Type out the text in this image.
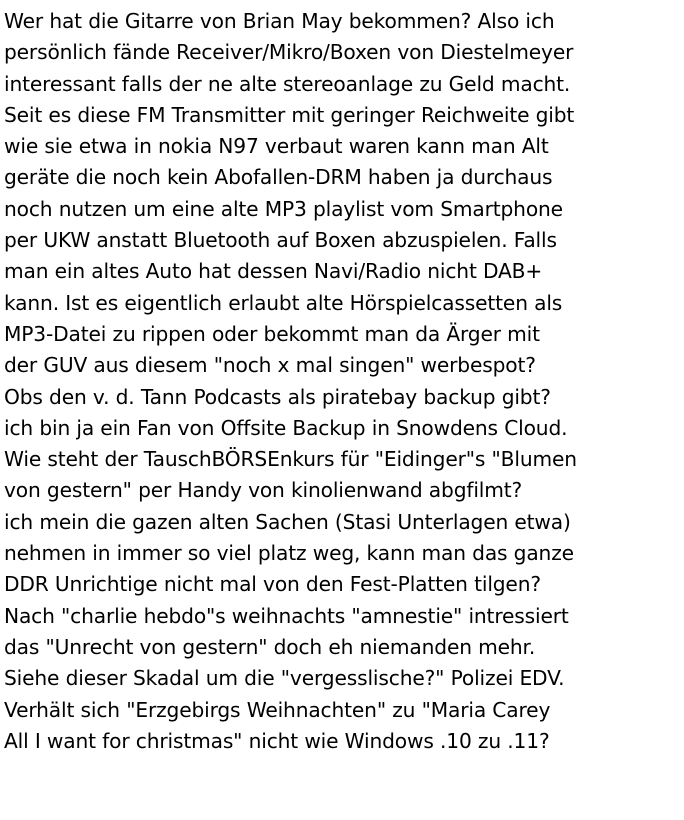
Wer hat die Gitarre von Brian May bekommen? Also ich
persönlich fände Receiver/Mikro/Boxen von Diestelmeyer
interessant falls der ne alte stereoanlage zu Geld macht.
Seit es diese FM Transmitter mit geringer Reichweite gibt
wie sie etwa in nokia N97 verbaut waren kann man Alt
geräte die noch kein Abofallen-DRM haben ja durchaus
noch nutzen um eine alte MP3 playlist vom Smartphone
per UKW anstatt Bluetooth auf Boxen abzuspielen. Falls
man ein altes Auto hat dessen Navi/Radio nicht DAB+
kann. Ist es eigentlich erlaubt alte Hörspielcassetten als
MP3-Datei zu rippen oder bekommt man da Ärger mit
der GUV aus diesem "noch x mal singen" werbespot?
Obs den v. d. Tann Podcasts als piratebay backup gibt?
ich bin ja ein Fan von Offsite Backup in Snowdens Cloud.
Wie steht der TauschBÖRSEnkurs für "Eidinger"s "Blumen
von gestern" per Handy von kinolienwand abgfilmt?
ich mein die gazen alten Sachen (Stasi Unterlagen etwa)
nehmen in immer so viel platz weg, kann man das ganze
DDR Unrichtige nicht mal von den Fest-Platten tilgen?
Nach "charlie hebdo"s weihnachts "amnestie" intressiert
das "Unrecht von gestern" doch eh niemanden mehr.
Siehe dieser Skadal um die "vergesslische?" Polizei EDV.
Verhält sich "Erzgebirgs Weihnachten" zu "Maria Carey
All I want for christmas" nicht wie Windows .10 zu .11?
